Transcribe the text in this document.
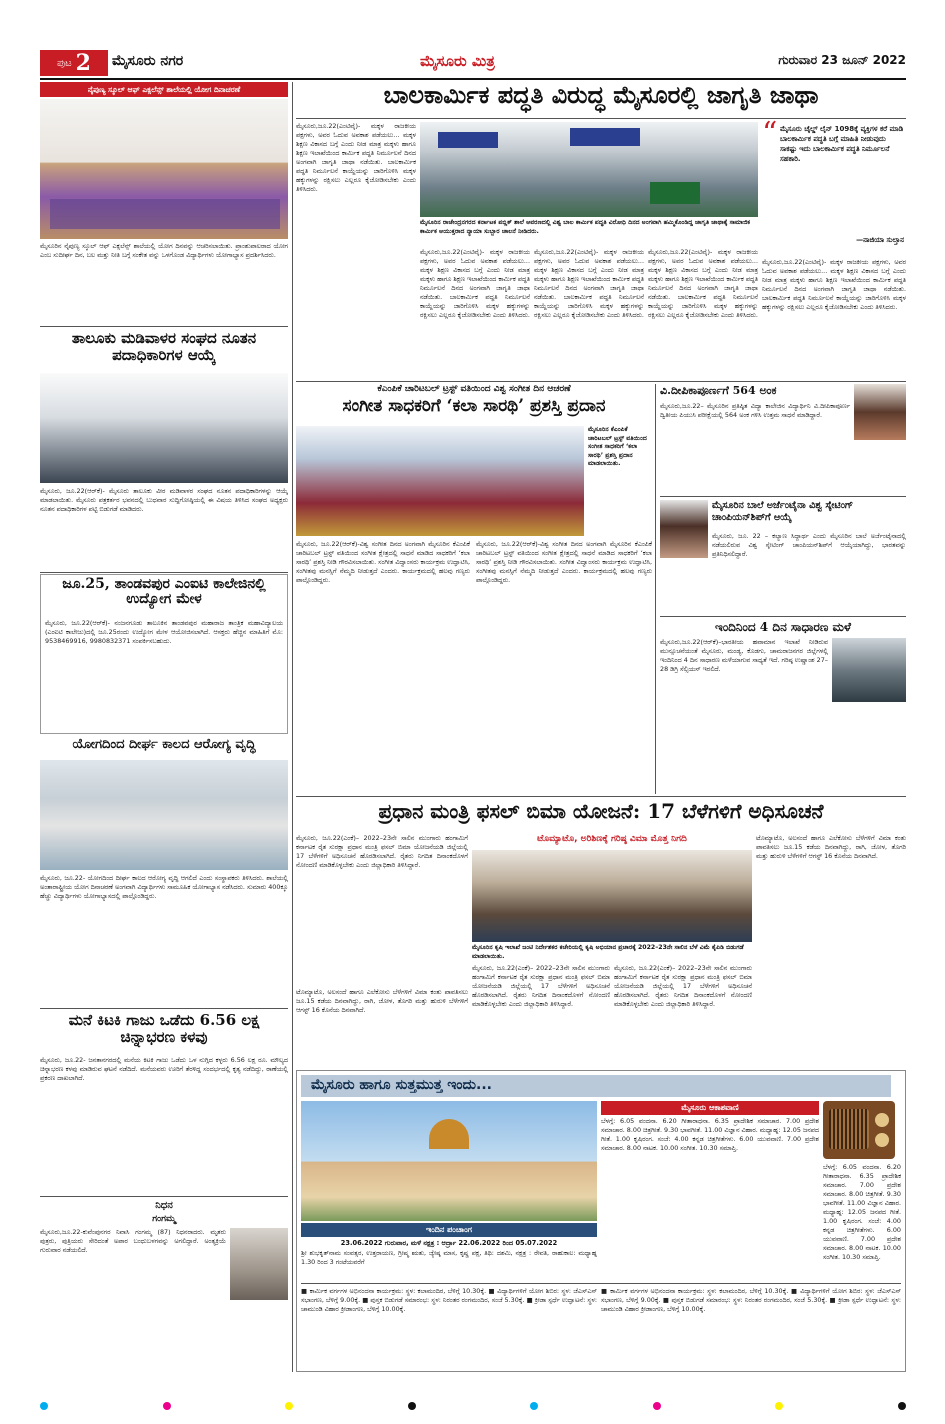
ಪುಟ 2 ಮೈಸೂರು ನಗರ	ಮೈಸೂರು ಮಿತ್ರ	ಗುರುವಾರ 23 ಜೂನ್ 2022
ನೈಪುಣ್ಯ ಸ್ಕೂಲ್ ಆಫ್ ಎಕ್ಸಲೆನ್ಸ್ ಶಾಲೆಯಲ್ಲಿ ಯೋಗ ದಿನಾಚರಣೆ
ಮೈಸೂರಿನ ನೈಪುಣ್ಯ ಸ್ಕೂಲ್ ಆಫ್ ಎಕ್ಸಲೆನ್ಸ್ ಶಾಲೆಯಲ್ಲಿ ಯೋಗ ದಿನವನ್ನು ಆಚರಿಸಲಾಯಿತು. ಪ್ರಾಂಶುಪಾಲರಾದ ಯೋಗ ಎಂಬ ಸುದೀರ್ಘ ದಿನ, ಬಲ ಮತ್ತು ನೀತಿ ಬಗ್ಗೆ ಸಂಕೇತ ವನ್ನು ಒಳಗೊಂಡ ವಿದ್ಯಾರ್ಥಿಗಳು ಯೋಗಾಭ್ಯಾಸ ಪ್ರದರ್ಶಿಸಿದರು.
ತಾಲೂಕು ಮಡಿವಾಳರ ಸಂಘದ ನೂತನ ಪದಾಧಿಕಾರಿಗಳ ಆಯ್ಕೆ
ಮೈಸೂರು, ಜೂ.22(ಆರ್‌ಕೆ)- ಮೈಸೂರು ತಾಲೂಕು ವೀರ ಮಡಿವಾಳರ ಸಂಘದ ನೂತನ ಪದಾಧಿಕಾರಿಗಳನ್ನು ಆಯ್ಕೆ ಮಾಡಲಾಯಿತು. ಮೈಸೂರು ಪತ್ರಕರ್ತರ ಭವನದಲ್ಲಿ ಬುಧವಾರ ಸುದ್ದಿಗೋಷ್ಠಿಯಲ್ಲಿ ಈ ವಿಷಯ ತಿಳಿಸಿದ ಸಂಘದ ಅಧ್ಯಕ್ಷರು ನೂತನ ಪದಾಧಿಕಾರಿಗಳ ಪಟ್ಟಿ ಬಿಡುಗಡೆ ಮಾಡಿದರು.
ಜೂ.25, ತಾಂಡವಪುರ ಎಂಐಟಿ ಕಾಲೇಜಿನಲ್ಲಿ ಉದ್ಯೋಗ ಮೇಳ
ಮೈಸೂರು, ಜೂ.22(ಆರ್‌ಕೆ)- ನಂಜನಗೂಡು ತಾಲೂಕಿನ ತಾಂಡವಪುರ ಮಹಾರಾಜ ತಾಂತ್ರಿಕ ಮಹಾವಿದ್ಯಾಲಯ (ಎಂಐಟಿ ಕಾಲೇಜು)ದಲ್ಲಿ ಜೂ.25ರಂದು ಉದ್ಯೋಗ ಮೇಳ ಆಯೋಜಿಸಲಾಗಿದೆ. ಆಸಕ್ತರು ಹೆಚ್ಚಿನ ಮಾಹಿತಿಗೆ ಮೊ: 9538469916, 9980832371 ಸಂಪರ್ಕಿಸಬಹುದು.
ಯೋಗದಿಂದ ದೀರ್ಘ ಕಾಲದ ಆರೋಗ್ಯ ವೃದ್ಧಿ
ಮೈಸೂರು, ಜೂ.22- ಯೋಗದಿಂದ ದೀರ್ಘ ಕಾಲದ ಆರೋಗ್ಯ ವೃದ್ಧಿ ಆಗಲಿದೆ ಎಂದು ಸಂಸ್ಥಾಪಕರು ತಿಳಿಸಿದರು. ಶಾಲೆಯಲ್ಲಿ ಅಂತಾರಾಷ್ಟ್ರೀಯ ಯೋಗ ದಿನಾಚರಣೆ ಅಂಗವಾಗಿ ವಿದ್ಯಾರ್ಥಿಗಳು ಸಾಮೂಹಿಕ ಯೋಗಾಭ್ಯಾಸ ನಡೆಸಿದರು. ಸುಮಾರು 400ಕ್ಕೂ ಹೆಚ್ಚು ವಿದ್ಯಾರ್ಥಿಗಳು ಯೋಗಾಭ್ಯಾಸದಲ್ಲಿ ಪಾಲ್ಗೊಂಡಿದ್ದರು.
ಮನೆ ಕಿಟಕಿ ಗಾಜು ಒಡೆದು 6.56 ಲಕ್ಷ ಚಿನ್ನಾಭರಣ ಕಳವು
ಮೈಸೂರು, ಜೂ.22- ಜನತಾನಗರದಲ್ಲಿ ಮನೆಯ ಕಿಟಕಿ ಗಾಜು ಒಡೆದು ಒಳ ನುಗ್ಗಿದ ಕಳ್ಳರು 6.56 ಲಕ್ಷ ರೂ. ಮೌಲ್ಯದ ಚಿನ್ನಾಭರಣ ಕಳವು ಮಾಡಿರುವ ಘಟನೆ ನಡೆದಿದೆ. ಮನೆಯವರು ಊರಿಗೆ ತೆರಳಿದ್ದ ಸಂದರ್ಭದಲ್ಲಿ ಕೃತ್ಯ ನಡೆದಿದ್ದು, ಠಾಣೆಯಲ್ಲಿ ಪ್ರಕರಣ ದಾಖಲಾಗಿದೆ.
ನಿಧನ
ಗಂಗಮ್ಮ
ಮೈಸೂರು,ಜೂ.22-ಕುವೆಂಪುನಗರ ನಿವಾಸಿ ಗಂಗಮ್ಮ (87) ನಿಧನರಾದರು. ಮೃತರು ಪುತ್ರರು, ಪುತ್ರಿಯರು ಸೇರಿದಂತೆ ಅಪಾರ ಬಂಧುಬಳಗವನ್ನು ಅಗಲಿದ್ದಾರೆ. ಅಂತ್ಯಕ್ರಿಯೆ ಗುರುವಾರ ನಡೆಯಲಿದೆ.
ಬಾಲಕಾರ್ಮಿಕ ಪದ್ಧತಿ ವಿರುದ್ಧ ಮೈಸೂರಲ್ಲಿ ಜಾಗೃತಿ ಜಾಥಾ
ಮೈಸೂರು,ಜೂ.22(ಎಂಟಿವೈ)- ಮಕ್ಕಳ ರಾಜಕೀಯ ಪಕ್ಷಗಳು, ಅವರ ಓದುವ ಅವಕಾಶ ಪಡೆಯಲು... ಮಕ್ಕಳ ಶಿಕ್ಷಣ ವಿಕಾಸದ ಬಗ್ಗೆ ಎಂದು ನೀಡ ಮಾತ್ರ ಮಕ್ಕಳು ಹಾಗೂ ಶಿಕ್ಷಣ ಇಲಾಖೆಯಿಂದ ಕಾರ್ಮಿಕ ಪದ್ಧತಿ ನಿರ್ಮೂಲನೆ ದಿನದ ಅಂಗವಾಗಿ ಜಾಗೃತಿ ಜಾಥಾ ನಡೆಯಿತು. ಬಾಲಕಾರ್ಮಿಕ ಪದ್ಧತಿ ನಿರ್ಮೂಲನೆ ಕಾಯ್ದೆಯನ್ನು ಜಾರಿಗೊಳಿಸಿ ಮಕ್ಕಳ ಹಕ್ಕುಗಳನ್ನು ರಕ್ಷಿಸಲು ಎಲ್ಲರೂ ಕೈಜೋಡಿಸಬೇಕು ಎಂದು ತಿಳಿಸಿದರು.
ಮೈಸೂರಿನ ರಾಜೇಂದ್ರನಗರದ ಕರ್ನಾಟಕ ಪಬ್ಲಿಕ್ ಶಾಲೆ ಆವರಣದಲ್ಲಿ ವಿಶ್ವ ಬಾಲ ಕಾರ್ಮಿಕ ಪದ್ಧತಿ ವಿರೋಧಿ ದಿನದ ಅಂಗವಾಗಿ ಹಮ್ಮಿಕೊಂಡಿದ್ದ ಜಾಗೃತಿ ಜಾಥಾಕ್ಕೆ ಸಾಮಾಜಿಕ ಕಾರ್ಮಿಕ ಆಯುಕ್ತರಾದ ನ್ಯಾಯಾ ಸುಬ್ಬಾರ ಚಾಲನೆ ನೀಡಿದರು.
ಮೈಸೂರು,ಜೂ.22(ಎಂಟಿವೈ)- ಮಕ್ಕಳ ರಾಜಕೀಯ ಪಕ್ಷಗಳು, ಅವರ ಓದುವ ಅವಕಾಶ ಪಡೆಯಲು... ಮಕ್ಕಳ ಶಿಕ್ಷಣ ವಿಕಾಸದ ಬಗ್ಗೆ ಎಂದು ನೀಡ ಮಾತ್ರ ಮಕ್ಕಳು ಹಾಗೂ ಶಿಕ್ಷಣ ಇಲಾಖೆಯಿಂದ ಕಾರ್ಮಿಕ ಪದ್ಧತಿ ನಿರ್ಮೂಲನೆ ದಿನದ ಅಂಗವಾಗಿ ಜಾಗೃತಿ ಜಾಥಾ ನಡೆಯಿತು. ಬಾಲಕಾರ್ಮಿಕ ಪದ್ಧತಿ ನಿರ್ಮೂಲನೆ ಕಾಯ್ದೆಯನ್ನು ಜಾರಿಗೊಳಿಸಿ ಮಕ್ಕಳ ಹಕ್ಕುಗಳನ್ನು ರಕ್ಷಿಸಲು ಎಲ್ಲರೂ ಕೈಜೋಡಿಸಬೇಕು ಎಂದು ತಿಳಿಸಿದರು.
ಮೈಸೂರು,ಜೂ.22(ಎಂಟಿವೈ)- ಮಕ್ಕಳ ರಾಜಕೀಯ ಪಕ್ಷಗಳು, ಅವರ ಓದುವ ಅವಕಾಶ ಪಡೆಯಲು... ಮಕ್ಕಳ ಶಿಕ್ಷಣ ವಿಕಾಸದ ಬಗ್ಗೆ ಎಂದು ನೀಡ ಮಾತ್ರ ಮಕ್ಕಳು ಹಾಗೂ ಶಿಕ್ಷಣ ಇಲಾಖೆಯಿಂದ ಕಾರ್ಮಿಕ ಪದ್ಧತಿ ನಿರ್ಮೂಲನೆ ದಿನದ ಅಂಗವಾಗಿ ಜಾಗೃತಿ ಜಾಥಾ ನಡೆಯಿತು. ಬಾಲಕಾರ್ಮಿಕ ಪದ್ಧತಿ ನಿರ್ಮೂಲನೆ ಕಾಯ್ದೆಯನ್ನು ಜಾರಿಗೊಳಿಸಿ ಮಕ್ಕಳ ಹಕ್ಕುಗಳನ್ನು ರಕ್ಷಿಸಲು ಎಲ್ಲರೂ ಕೈಜೋಡಿಸಬೇಕು ಎಂದು ತಿಳಿಸಿದರು.
ಮೈಸೂರು,ಜೂ.22(ಎಂಟಿವೈ)- ಮಕ್ಕಳ ರಾಜಕೀಯ ಪಕ್ಷಗಳು, ಅವರ ಓದುವ ಅವಕಾಶ ಪಡೆಯಲು... ಮಕ್ಕಳ ಶಿಕ್ಷಣ ವಿಕಾಸದ ಬಗ್ಗೆ ಎಂದು ನೀಡ ಮಾತ್ರ ಮಕ್ಕಳು ಹಾಗೂ ಶಿಕ್ಷಣ ಇಲಾಖೆಯಿಂದ ಕಾರ್ಮಿಕ ಪದ್ಧತಿ ನಿರ್ಮೂಲನೆ ದಿನದ ಅಂಗವಾಗಿ ಜಾಗೃತಿ ಜಾಥಾ ನಡೆಯಿತು. ಬಾಲಕಾರ್ಮಿಕ ಪದ್ಧತಿ ನಿರ್ಮೂಲನೆ ಕಾಯ್ದೆಯನ್ನು ಜಾರಿಗೊಳಿಸಿ ಮಕ್ಕಳ ಹಕ್ಕುಗಳನ್ನು ರಕ್ಷಿಸಲು ಎಲ್ಲರೂ ಕೈಜೋಡಿಸಬೇಕು ಎಂದು ತಿಳಿಸಿದರು.
“ ಮೈಸೂರು ಚೈಲ್ಡ್ ಲೈನ್ 1098ಕ್ಕೆ ವ್ಯಕ್ತಿಗಳ ಕರೆ ಮಾಡಿ ಬಾಲಕಾರ್ಮಿಕ ಪದ್ಧತಿ ಬಗ್ಗೆ ಮಾಹಿತಿ ನೀಡುವುದು ಸಾಕಷ್ಟು ಇದು ಬಾಲಕಾರ್ಮಿಕ ಪದ್ಧತಿ ನಿರ್ಮೂಲನೆ ಸಹಕಾರಿ.
—ನಾಜಿಯಾ ಸುಲ್ತಾನ
ಮೈಸೂರು,ಜೂ.22(ಎಂಟಿವೈ)- ಮಕ್ಕಳ ರಾಜಕೀಯ ಪಕ್ಷಗಳು, ಅವರ ಓದುವ ಅವಕಾಶ ಪಡೆಯಲು... ಮಕ್ಕಳ ಶಿಕ್ಷಣ ವಿಕಾಸದ ಬಗ್ಗೆ ಎಂದು ನೀಡ ಮಾತ್ರ ಮಕ್ಕಳು ಹಾಗೂ ಶಿಕ್ಷಣ ಇಲಾಖೆಯಿಂದ ಕಾರ್ಮಿಕ ಪದ್ಧತಿ ನಿರ್ಮೂಲನೆ ದಿನದ ಅಂಗವಾಗಿ ಜಾಗೃತಿ ಜಾಥಾ ನಡೆಯಿತು. ಬಾಲಕಾರ್ಮಿಕ ಪದ್ಧತಿ ನಿರ್ಮೂಲನೆ ಕಾಯ್ದೆಯನ್ನು ಜಾರಿಗೊಳಿಸಿ ಮಕ್ಕಳ ಹಕ್ಕುಗಳನ್ನು ರಕ್ಷಿಸಲು ಎಲ್ಲರೂ ಕೈಜೋಡಿಸಬೇಕು ಎಂದು ತಿಳಿಸಿದರು.
ಕೆಎಂಪಿಕೆ ಚಾರಿಟಬಲ್ ಟ್ರಸ್ಟ್ ವತಿಯಿಂದ ವಿಶ್ವ ಸಂಗೀತ ದಿನ ಆಚರಣೆ
ಸಂಗೀತ ಸಾಧಕರಿಗೆ ‘ಕಲಾ ಸಾರಥಿ’ ಪ್ರಶಸ್ತಿ ಪ್ರದಾನ
ಮೈಸೂರಿನ ಕೆಎಂಪಿಕೆ ಚಾರಿಟಬಲ್ ಟ್ರಸ್ಟ್ ವತಿಯಿಂದ ಸಂಗೀತ ಸಾಧಕರಿಗೆ ‘ಕಲಾ ಸಾರಥಿ’ ಪ್ರಶಸ್ತಿ ಪ್ರದಾನ ಮಾಡಲಾಯಿತು.
ಮೈಸೂರು, ಜೂ.22(ಆರ್‌ಕೆ)-ವಿಶ್ವ ಸಂಗೀತ ದಿನದ ಅಂಗವಾಗಿ ಮೈಸೂರಿನ ಕೆಎಂಪಿಕೆ ಚಾರಿಟಬಲ್ ಟ್ರಸ್ಟ್ ವತಿಯಿಂದ ಸಂಗೀತ ಕ್ಷೇತ್ರದಲ್ಲಿ ಸಾಧನೆ ಮಾಡಿದ ಸಾಧಕರಿಗೆ ‘ಕಲಾ ಸಾರಥಿ’ ಪ್ರಶಸ್ತಿ ನೀಡಿ ಗೌರವಿಸಲಾಯಿತು. ಸಂಗೀತ ವಿದ್ವಾಂಸರು ಕಾರ್ಯಕ್ರಮ ಉದ್ಘಾಟಿಸಿ, ಸಂಗೀತವು ಮನಸ್ಸಿಗೆ ನೆಮ್ಮದಿ ನೀಡುತ್ತದೆ ಎಂದರು. ಕಾರ್ಯಕ್ರಮದಲ್ಲಿ ಹಲವು ಗಣ್ಯರು ಪಾಲ್ಗೊಂಡಿದ್ದರು.
ಮೈಸೂರು, ಜೂ.22(ಆರ್‌ಕೆ)-ವಿಶ್ವ ಸಂಗೀತ ದಿನದ ಅಂಗವಾಗಿ ಮೈಸೂರಿನ ಕೆಎಂಪಿಕೆ ಚಾರಿಟಬಲ್ ಟ್ರಸ್ಟ್ ವತಿಯಿಂದ ಸಂಗೀತ ಕ್ಷೇತ್ರದಲ್ಲಿ ಸಾಧನೆ ಮಾಡಿದ ಸಾಧಕರಿಗೆ ‘ಕಲಾ ಸಾರಥಿ’ ಪ್ರಶಸ್ತಿ ನೀಡಿ ಗೌರವಿಸಲಾಯಿತು. ಸಂಗೀತ ವಿದ್ವಾಂಸರು ಕಾರ್ಯಕ್ರಮ ಉದ್ಘಾಟಿಸಿ, ಸಂಗೀತವು ಮನಸ್ಸಿಗೆ ನೆಮ್ಮದಿ ನೀಡುತ್ತದೆ ಎಂದರು. ಕಾರ್ಯಕ್ರಮದಲ್ಲಿ ಹಲವು ಗಣ್ಯರು ಪಾಲ್ಗೊಂಡಿದ್ದರು.
ವಿ.ದೀಪಿಕಾಪೂರ್ಣಗೆ 564 ಅಂಕ
ಮೈಸೂರು,ಜೂ.22– ಮೈಸೂರಿನ ಪ್ರತಿಷ್ಠಿತ ವಿದ್ಯಾ ಕಾಲೇಜಿನ ವಿದ್ಯಾರ್ಥಿನಿ ವಿ.ದೀಪಿಕಾಪೂರ್ಣ ದ್ವಿತೀಯ ಪಿಯುಸಿ ಪರೀಕ್ಷೆಯಲ್ಲಿ 564 ಅಂಕ ಗಳಿಸಿ ಉತ್ತಮ ಸಾಧನೆ ಮಾಡಿದ್ದಾರೆ.
ಮೈಸೂರಿನ ಬಾಲೆ ಅರ್ಜೆಂಟೈನಾ ವಿಶ್ವ ಸ್ಕೇಟಿಂಗ್ ಚಾಂಪಿಯನ್‌ಶಿಪ್‌ಗೆ ಆಯ್ಕೆ
ಮೈಸೂರು, ಜೂ. 22 – ಕಲ್ಯಾಣ ಸಿದ್ದಾರ್ಥ ಎಂದು ಮೈಸೂರಿನ ಬಾಲೆ ಅರ್ಜೆಂಟೈನಾದಲ್ಲಿ ನಡೆಯಲಿರುವ ವಿಶ್ವ ಸ್ಕೇಟಿಂಗ್ ಚಾಂಪಿಯನ್‌ಶಿಪ್‌ಗೆ ಆಯ್ಕೆಯಾಗಿದ್ದು, ಭಾರತವನ್ನು ಪ್ರತಿನಿಧಿಸಲಿದ್ದಾರೆ.
ಇಂದಿನಿಂದ 4 ದಿನ ಸಾಧಾರಣ ಮಳೆ
ಮೈಸೂರು,ಜೂ.22(ಆರ್‌ಕೆ)–ಭಾರತೀಯ ಹವಾಮಾನ ಇಲಾಖೆ ನೀಡಿರುವ ಮುನ್ಸೂಚನೆಯಂತೆ ಮೈಸೂರು, ಮಂಡ್ಯ, ಕೊಡಗು, ಚಾಮರಾಜನಗರ ಜಿಲ್ಲೆಗಳಲ್ಲಿ ಇಂದಿನಿಂದ 4 ದಿನ ಸಾಧಾರಣ ಮಳೆಯಾಗುವ ಸಾಧ್ಯತೆ ಇದೆ. ಗರಿಷ್ಠ ಉಷ್ಣಾಂಶ 27–28 ಡಿಗ್ರಿ ಸೆಲ್ಸಿಯಸ್ ಇರಲಿದೆ.
ಪ್ರಧಾನ ಮಂತ್ರಿ ಫಸಲ್ ಬಿಮಾ ಯೋಜನೆ: 17 ಬೆಳೆಗಳಿಗೆ ಅಧಿಸೂಚನೆ
ಮೈಸೂರು, ಜೂ.22(ಎಂಕೆ)– 2022–23ನೇ ಸಾಲಿನ ಮುಂಗಾರು ಹಂಗಾಮಿಗೆ ಕರ್ನಾಟಕ ರೈತ ಸುರಕ್ಷಾ ಪ್ರಧಾನ ಮಂತ್ರಿ ಫಸಲ್ ಬಿಮಾ ಯೋಜನೆಯಡಿ ಜಿಲ್ಲೆಯಲ್ಲಿ 17 ಬೆಳೆಗಳಿಗೆ ಅಧಿಸೂಚನೆ ಹೊರಡಿಸಲಾಗಿದೆ. ರೈತರು ನಿಗದಿತ ದಿನಾಂಕದೊಳಗೆ ನೋಂದಣಿ ಮಾಡಿಕೊಳ್ಳಬೇಕು ಎಂದು ಜಿಲ್ಲಾಧಿಕಾರಿ ತಿಳಿಸಿದ್ದಾರೆ.
ಟೊಮ್ಯಾಟೊ, ಅರಿಶಿಣಕ್ಕೆ ಗರಿಷ್ಠ ವಿಮಾ ಮೊತ್ತ ನಿಗದಿ
ಮೈಸೂರಿನ ಕೃಷಿ ಇಲಾಖೆ ಜಂಟಿ ನಿರ್ದೇಶಕರ ಕಚೇರಿಯಲ್ಲಿ ಕೃಷಿ ಅಭಿಯಾನ ಪ್ರಚಾರಕ್ಕೆ 2022–23ನೇ ಸಾಲಿನ ಬೆಳೆ ವಿಮೆ ಕೈಪಿಡಿ ಬಿಡುಗಡೆ ಮಾಡಲಾಯಿತು.
ಮೈಸೂರು, ಜೂ.22(ಎಂಕೆ)– 2022–23ನೇ ಸಾಲಿನ ಮುಂಗಾರು ಹಂಗಾಮಿಗೆ ಕರ್ನಾಟಕ ರೈತ ಸುರಕ್ಷಾ ಪ್ರಧಾನ ಮಂತ್ರಿ ಫಸಲ್ ಬಿಮಾ ಯೋಜನೆಯಡಿ ಜಿಲ್ಲೆಯಲ್ಲಿ 17 ಬೆಳೆಗಳಿಗೆ ಅಧಿಸೂಚನೆ ಹೊರಡಿಸಲಾಗಿದೆ. ರೈತರು ನಿಗದಿತ ದಿನಾಂಕದೊಳಗೆ ನೋಂದಣಿ ಮಾಡಿಕೊಳ್ಳಬೇಕು ಎಂದು ಜಿಲ್ಲಾಧಿಕಾರಿ ತಿಳಿಸಿದ್ದಾರೆ.
ಮೈಸೂರು, ಜೂ.22(ಎಂಕೆ)– 2022–23ನೇ ಸಾಲಿನ ಮುಂಗಾರು ಹಂಗಾಮಿಗೆ ಕರ್ನಾಟಕ ರೈತ ಸುರಕ್ಷಾ ಪ್ರಧಾನ ಮಂತ್ರಿ ಫಸಲ್ ಬಿಮಾ ಯೋಜನೆಯಡಿ ಜಿಲ್ಲೆಯಲ್ಲಿ 17 ಬೆಳೆಗಳಿಗೆ ಅಧಿಸೂಚನೆ ಹೊರಡಿಸಲಾಗಿದೆ. ರೈತರು ನಿಗದಿತ ದಿನಾಂಕದೊಳಗೆ ನೋಂದಣಿ ಮಾಡಿಕೊಳ್ಳಬೇಕು ಎಂದು ಜಿಲ್ಲಾಧಿಕಾರಿ ತಿಳಿಸಿದ್ದಾರೆ.
ಟೊಮ್ಯಾಟೊ, ಅಲಸಂದೆ ಹಾಗೂ ಎಲೆಕೋಸು ಬೆಳೆಗಳಿಗೆ ವಿಮಾ ಕಂತು ಪಾವತಿಸಲು ಜೂ.15 ಕಡೆಯ ದಿನವಾಗಿದ್ದು, ರಾಗಿ, ಜೋಳ, ತೊಗರಿ ಮತ್ತು ಹುರುಳಿ ಬೆಳೆಗಳಿಗೆ ಆಗಸ್ಟ್ 16 ಕೊನೆಯ ದಿನವಾಗಿದೆ.
ಟೊಮ್ಯಾಟೊ, ಅಲಸಂದೆ ಹಾಗೂ ಎಲೆಕೋಸು ಬೆಳೆಗಳಿಗೆ ವಿಮಾ ಕಂತು ಪಾವತಿಸಲು ಜೂ.15 ಕಡೆಯ ದಿನವಾಗಿದ್ದು, ರಾಗಿ, ಜೋಳ, ತೊಗರಿ ಮತ್ತು ಹುರುಳಿ ಬೆಳೆಗಳಿಗೆ ಆಗಸ್ಟ್ 16 ಕೊನೆಯ ದಿನವಾಗಿದೆ.
ಮೈಸೂರು ಹಾಗೂ ಸುತ್ತಮುತ್ತ ಇಂದು...
ಇಂದಿನ ಪಂಚಾಂಗ
23.06.2022 ಗುರುವಾರ, ಮಳೆ ನಕ್ಷತ್ರ : ಆರ್ದ್ರಾ 22.06.2022 ರಿಂದ 05.07.2022
ಶ್ರೀ ಶುಭಕೃತ್‌ನಾಮ ಸಂವತ್ಸರ, ಉತ್ತರಾಯಣ, ಗ್ರೀಷ್ಮ ಋತು, ಜ್ಯೇಷ್ಠ ಮಾಸ, ಕೃಷ್ಣ ಪಕ್ಷ, ತಿಥಿ: ದಶಮಿ, ನಕ್ಷತ್ರ : ರೇವತಿ, ರಾಹುಕಾಲ: ಮಧ್ಯಾಹ್ನ 1.30 ರಿಂದ 3 ಗಂಟೆಯವರೆಗೆ
ಮೈಸೂರು ಆಕಾಶವಾಣಿ
ಬೆಳಗ್ಗೆ: 6.05 ವಂದನಾ. 6.20 ಗೀತಾರಾಧನಾ. 6.35 ಪ್ರಾದೇಶಿಕ ಸಮಾಚಾರ. 7.00 ಪ್ರದೇಶ ಸಮಾಚಾರ. 8.00 ಚಿತ್ರಗೀತೆ. 9.30 ಭಾವಗೀತೆ. 11.00 ವಿಜ್ಞಾನ ವಿಹಾರ. ಮಧ್ಯಾಹ್ನ: 12.05 ಜನಪದ ಗೀತೆ. 1.00 ಕೃಷಿರಂಗ. ಸಂಜೆ: 4.00 ಕನ್ನಡ ಚಿತ್ರಗೀತೆಗಳು. 6.00 ಯುವವಾಣಿ. 7.00 ಪ್ರದೇಶ ಸಮಾಚಾರ. 8.00 ನಾಟಕ. 10.00 ಸಂಗೀತ. 10.30 ಸಮಾಪ್ತಿ.
ಬೆಳಗ್ಗೆ: 6.05 ವಂದನಾ. 6.20 ಗೀತಾರಾಧನಾ. 6.35 ಪ್ರಾದೇಶಿಕ ಸಮಾಚಾರ. 7.00 ಪ್ರದೇಶ ಸಮಾಚಾರ. 8.00 ಚಿತ್ರಗೀತೆ. 9.30 ಭಾವಗೀತೆ. 11.00 ವಿಜ್ಞಾನ ವಿಹಾರ. ಮಧ್ಯಾಹ್ನ: 12.05 ಜನಪದ ಗೀತೆ. 1.00 ಕೃಷಿರಂಗ. ಸಂಜೆ: 4.00 ಕನ್ನಡ ಚಿತ್ರಗೀತೆಗಳು. 6.00 ಯುವವಾಣಿ. 7.00 ಪ್ರದೇಶ ಸಮಾಚಾರ. 8.00 ನಾಟಕ. 10.00 ಸಂಗೀತ. 10.30 ಸಮಾಪ್ತಿ.
■ ಕಾರ್ಮಿಕ ವರ್ಗಗಳ ಅಭಿನಂದನಾ ಕಾರ್ಯಕ್ರಮ: ಸ್ಥಳ: ಕಲಾಮಂದಿರ, ಬೆಳಿಗ್ಗೆ 10.30ಕ್ಕೆ. ■ ವಿದ್ಯಾರ್ಥಿಗಳಿಗೆ ಯೋಗ ಶಿಬಿರ: ಸ್ಥಳ: ಜೆಎಸ್‌ಎಸ್ ಸಭಾಂಗಣ, ಬೆಳಿಗ್ಗೆ 9.00ಕ್ಕೆ. ■ ಪುಸ್ತಕ ಬಿಡುಗಡೆ ಸಮಾರಂಭ: ಸ್ಥಳ: ನಿರಂತರ ರಂಗಮಂದಿರ, ಸಂಜೆ 5.30ಕ್ಕೆ. ■ ಕ್ರೀಡಾ ಸ್ಪರ್ಧೆ ಉದ್ಘಾಟನೆ: ಸ್ಥಳ: ಚಾಮುಂಡಿ ವಿಹಾರ ಕ್ರೀಡಾಂಗಣ, ಬೆಳಿಗ್ಗೆ 10.00ಕ್ಕೆ.
■ ಕಾರ್ಮಿಕ ವರ್ಗಗಳ ಅಭಿನಂದನಾ ಕಾರ್ಯಕ್ರಮ: ಸ್ಥಳ: ಕಲಾಮಂದಿರ, ಬೆಳಿಗ್ಗೆ 10.30ಕ್ಕೆ. ■ ವಿದ್ಯಾರ್ಥಿಗಳಿಗೆ ಯೋಗ ಶಿಬಿರ: ಸ್ಥಳ: ಜೆಎಸ್‌ಎಸ್ ಸಭಾಂಗಣ, ಬೆಳಿಗ್ಗೆ 9.00ಕ್ಕೆ. ■ ಪುಸ್ತಕ ಬಿಡುಗಡೆ ಸಮಾರಂಭ: ಸ್ಥಳ: ನಿರಂತರ ರಂಗಮಂದಿರ, ಸಂಜೆ 5.30ಕ್ಕೆ. ■ ಕ್ರೀಡಾ ಸ್ಪರ್ಧೆ ಉದ್ಘಾಟನೆ: ಸ್ಥಳ: ಚಾಮುಂಡಿ ವಿಹಾರ ಕ್ರೀಡಾಂಗಣ, ಬೆಳಿಗ್ಗೆ 10.00ಕ್ಕೆ.
